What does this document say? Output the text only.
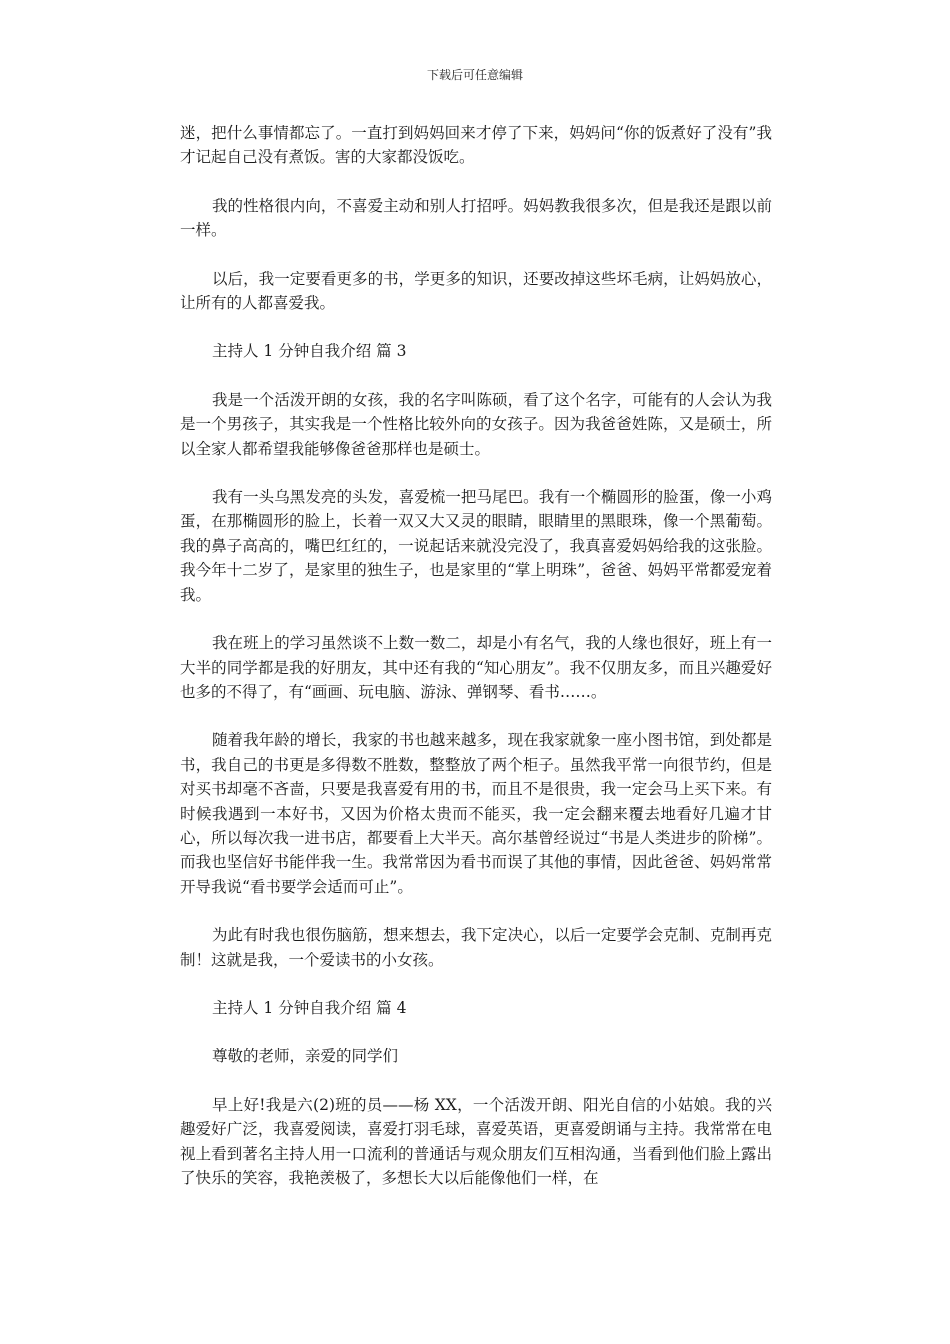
下载后可任意编辑

迷，把什么事情都忘了。一直打到妈妈回来才停了下来，妈妈问“你的饭煮好了没有”我才记起自己没有煮饭。害的大家都没饭吃。

我的性格很内向，不喜爱主动和别人打招呼。妈妈教我很多次，但是我还是跟以前一样。

以后，我一定要看更多的书，学更多的知识，还要改掉这些坏毛病，让妈妈放心，让所有的人都喜爱我。

主持人 1 分钟自我介绍 篇 3

我是一个活泼开朗的女孩，我的名字叫陈硕，看了这个名字，可能有的人会认为我是一个男孩子，其实我是一个性格比较外向的女孩子。因为我爸爸姓陈，又是硕士，所以全家人都希望我能够像爸爸那样也是硕士。

我有一头乌黑发亮的头发，喜爱梳一把马尾巴。我有一个椭圆形的脸蛋，像一小鸡蛋，在那椭圆形的脸上，长着一双又大又灵的眼睛，眼睛里的黑眼珠，像一个黑葡萄。我的鼻子高高的，嘴巴红红的，一说起话来就没完没了，我真喜爱妈妈给我的这张脸。我今年十二岁了，是家里的独生子，也是家里的“掌上明珠”，爸爸、妈妈平常都爱宠着我。

我在班上的学习虽然谈不上数一数二，却是小有名气，我的人缘也很好，班上有一大半的同学都是我的好朋友，其中还有我的“知心朋友”。我不仅朋友多，而且兴趣爱好也多的不得了，有“画画、玩电脑、游泳、弹钢琴、看书……。

随着我年龄的增长，我家的书也越来越多，现在我家就象一座小图书馆，到处都是书，我自己的书更是多得数不胜数，整整放了两个柜子。虽然我平常一向很节约，但是对买书却毫不吝啬，只要是我喜爱有用的书，而且不是很贵，我一定会马上买下来。有时候我遇到一本好书，又因为价格太贵而不能买，我一定会翻来覆去地看好几遍才甘心，所以每次我一进书店，都要看上大半天。高尔基曾经说过“书是人类进步的阶梯”。而我也坚信好书能伴我一生。我常常因为看书而误了其他的事情，因此爸爸、妈妈常常开导我说“看书要学会适而可止”。

为此有时我也很伤脑筋，想来想去，我下定决心，以后一定要学会克制、克制再克制！这就是我，一个爱读书的小女孩。

主持人 1 分钟自我介绍 篇 4

尊敬的老师，亲爱的同学们

早上好!我是六(2)班的员——杨 XX，一个活泼开朗、阳光自信的小姑娘。我的兴趣爱好广泛，我喜爱阅读，喜爱打羽毛球，喜爱英语，更喜爱朗诵与主持。我常常在电视上看到著名主持人用一口流利的普通话与观众朋友们互相沟通，当看到他们脸上露出了快乐的笑容，我艳羡极了，多想长大以后能像他们一样，在
